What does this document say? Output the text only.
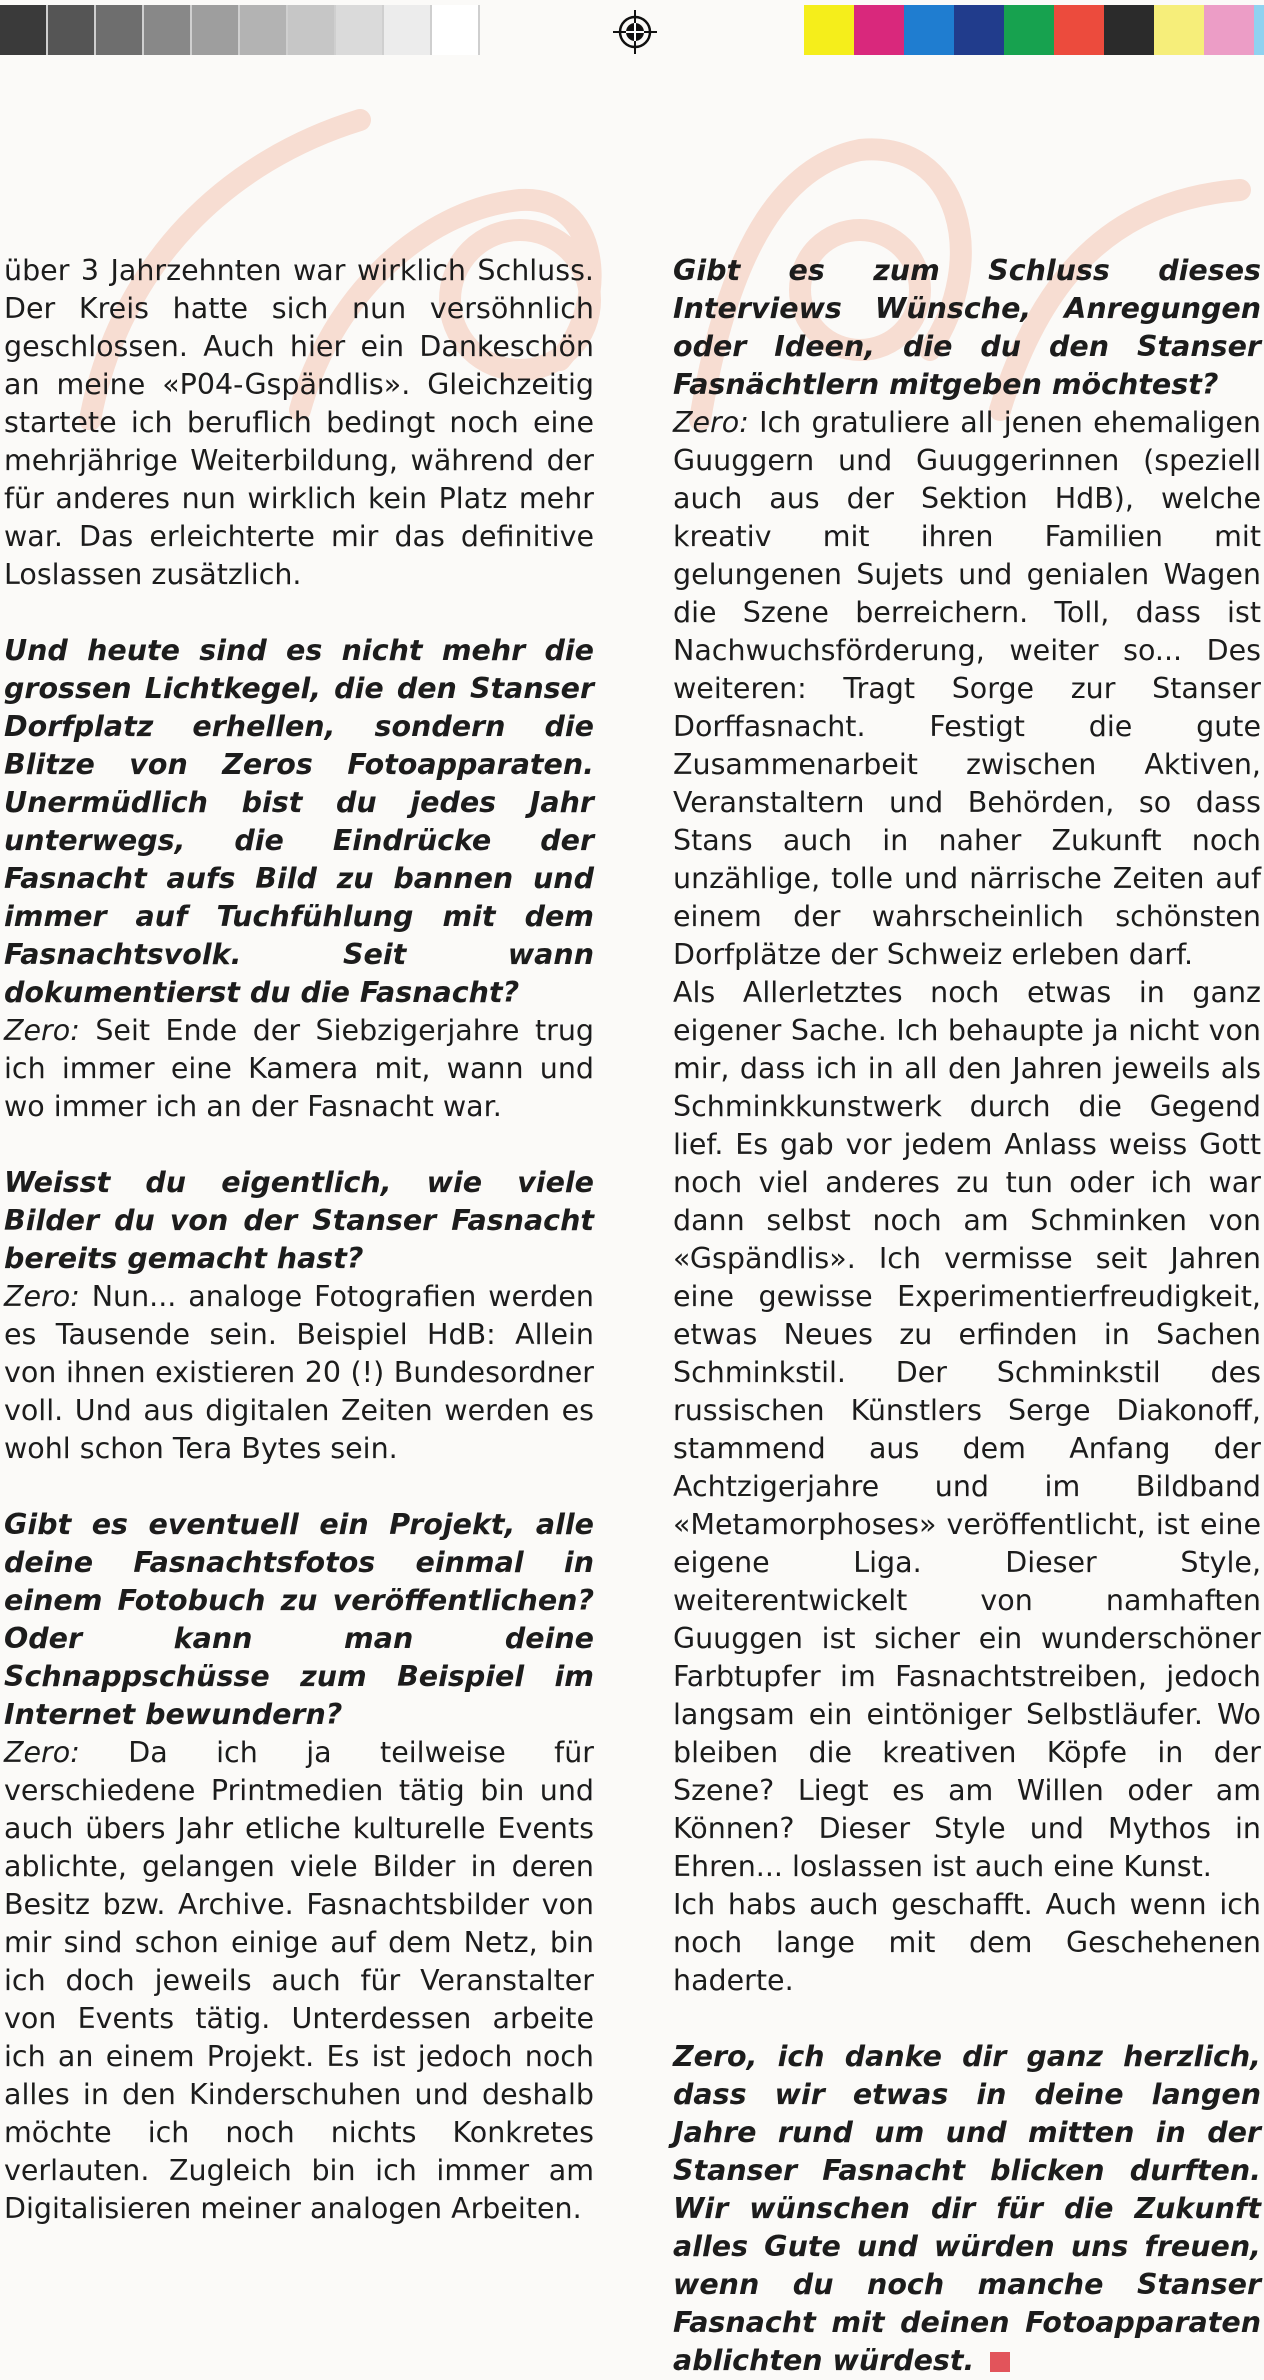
über 3 Jahrzehnten war wirklich Schluss. Der Kreis hatte sich nun versöhnlich geschlossen. Auch hier ein Dankeschön an meine «P04-Gspändlis». Gleichzeitig startete ich beruflich bedingt noch eine mehrjährige Weiterbildung, während der für anderes nun wirklich kein Platz mehr war. Das erleichterte mir das definitive Loslassen zusätzlich.

Und heute sind es nicht mehr die grossen Lichtkegel, die den Stanser Dorfplatz erhellen, sondern die Blitze von Zeros Fotoapparaten. Unermüdlich bist du jedes Jahr unterwegs, die Eindrücke der Fasnacht aufs Bild zu bannen und immer auf Tuchfühlung mit dem Fasnachtsvolk. Seit wann dokumentierst du die Fasnacht?

Zero: Seit Ende der Siebzigerjahre trug ich immer eine Kamera mit, wann und wo immer ich an der Fasnacht war.

Weisst du eigentlich, wie viele Bilder du von der Stanser Fasnacht bereits gemacht hast?

Zero: Nun... analoge Fotografien werden es Tausende sein. Beispiel HdB: Allein von ihnen existieren 20 (!) Bundesordner voll. Und aus digitalen Zeiten werden es wohl schon Tera Bytes sein.

Gibt es eventuell ein Projekt, alle deine Fasnachtsfotos einmal in einem Fotobuch zu veröffentlichen? Oder kann man deine Schnappschüsse zum Beispiel im Internet bewundern?

Zero: Da ich ja teilweise für verschiedene Printmedien tätig bin und auch übers Jahr etliche kulturelle Events ablichte, gelangen viele Bilder in deren Besitz bzw. Archive. Fasnachtsbilder von mir sind schon einige auf dem Netz, bin ich doch jeweils auch für Veranstalter von Events tätig. Unterdessen arbeite ich an einem Projekt. Es ist jedoch noch alles in den Kinderschuhen und deshalb möchte ich noch nichts Konkretes verlauten. Zugleich bin ich immer am Digitalisieren meiner analogen Arbeiten.

Gibt es zum Schluss dieses Interviews Wünsche, Anregungen oder Ideen, die du den Stanser Fasnächtlern mitgeben möchtest?

Zero: Ich gratuliere all jenen ehemaligen Guuggern und Guuggerinnen (speziell auch aus der Sektion HdB), welche kreativ mit ihren Familien mit gelungenen Sujets und genialen Wagen die Szene berreichern. Toll, dass ist Nachwuchsförderung, weiter so... Des weiteren: Tragt Sorge zur Stanser Dorffasnacht. Festigt die gute Zusammenarbeit zwischen Aktiven, Veranstaltern und Behörden, so dass Stans auch in naher Zukunft noch unzählige, tolle und närrische Zeiten auf einem der wahrscheinlich schönsten Dorfplätze der Schweiz erleben darf.

Als Allerletztes noch etwas in ganz eigener Sache. Ich behaupte ja nicht von mir, dass ich in all den Jahren jeweils als Schminkkunstwerk durch die Gegend lief. Es gab vor jedem Anlass weiss Gott noch viel anderes zu tun oder ich war dann selbst noch am Schminken von «Gspändlis». Ich vermisse seit Jahren eine gewisse Experimentierfreudigkeit, etwas Neues zu erfinden in Sachen Schminkstil. Der Schminkstil des russischen Künstlers Serge Diakonoff, stammend aus dem Anfang der Achtzigerjahre und im Bildband «Metamorphoses» veröffentlicht, ist eine eigene Liga. Dieser Style, weiterentwickelt von namhaften Guuggen ist sicher ein wunderschöner Farbtupfer im Fasnachtstreiben, jedoch langsam ein eintöniger Selbstläufer. Wo bleiben die kreativen Köpfe in der Szene? Liegt es am Willen oder am Können? Dieser Style und Mythos in Ehren... loslassen ist auch eine Kunst.

Ich habs auch geschafft. Auch wenn ich noch lange mit dem Geschehenen haderte.

Zero, ich danke dir ganz herzlich, dass wir etwas in deine langen Jahre rund um und mitten in der Stanser Fasnacht blicken durften. Wir wünschen dir für die Zukunft alles Gute und würden uns freuen, wenn du noch manche Stanser Fasnacht mit deinen Fotoapparaten ablichten würdest.
